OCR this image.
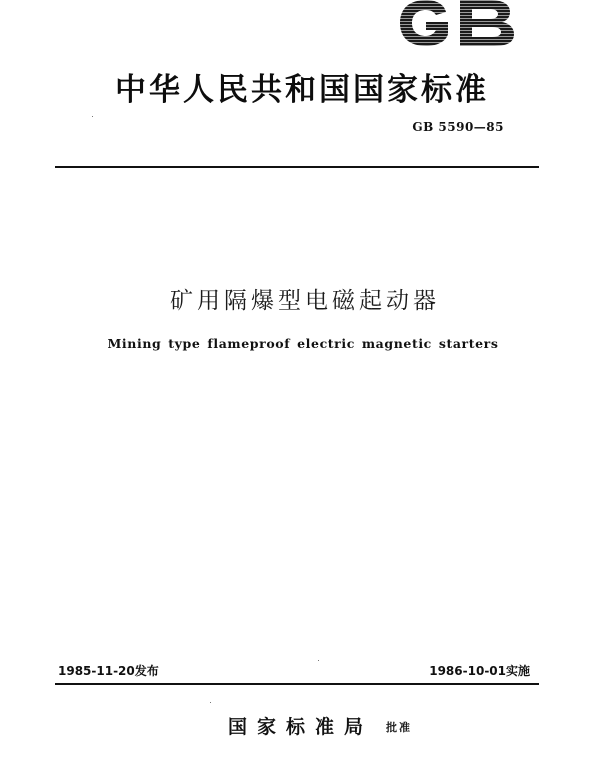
中华人民共和国国家标准
GB 5590—85
矿用隔爆型电磁起动器
Mining type flameproof electric magnetic starters
1985-11-20发布	1986-10-01实施
国家标准局 批准
